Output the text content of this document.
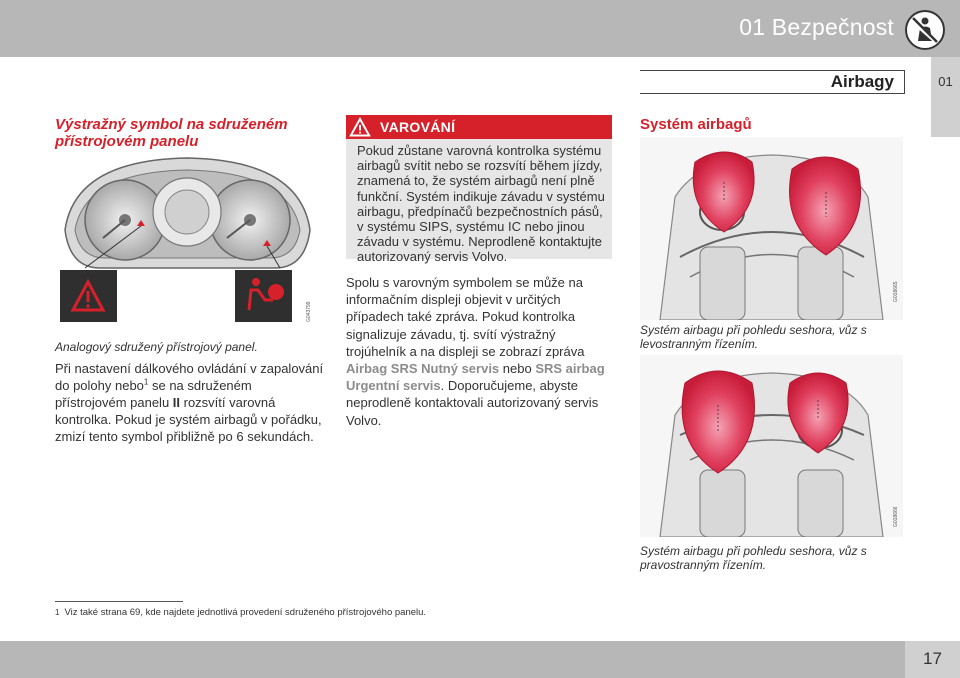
01 Bezpečnost
Airbagy	01
Výstražný symbol na sdruženém přístrojovém panelu
G043799
Analogový sdružený přístrojový panel.
Při nastavení dálkového ovládání v zapalování do polohy nebo$^1$ se na sdruženém přístrojovém panelu II rozsvítí varovná kontrolka. Pokud je systém airbagů v pořádku, zmizí tento symbol přibližně po 6 sekundách.
VAROVÁNÍ
Pokud zůstane varovná kontrolka systému airbagů svítit nebo se rozsvítí během jízdy, znamená to, že systém airbagů není plně funkční. Systém indikuje závadu v systému airbagu, předpínačů bezpečnostních pásů, v systému SIPS, systému IC nebo jinou závadu v systému. Neprodleně kontaktujte autorizovaný servis Volvo.
Spolu s varovným symbolem se může na informačním displeji objevit v určitých případech také zpráva. Pokud kontrolka signalizuje závadu, tj. svítí výstražný trojúhelník a na displeji se zobrazí zpráva Airbag SRS Nutný servis nebo SRS airbag Urgentní servis. Doporučujeme, abyste neprodleně kontaktovali autorizovaný servis Volvo.
Systém airbagů
G018665
Systém airbagu při pohledu seshora, vůz s levostranným řízením.
G018666
Systém airbagu při pohledu seshora, vůz s pravostranným řízením.
1 Viz také strana 69, kde najdete jednotlivá provedení sdruženého přístrojového panelu.
17
